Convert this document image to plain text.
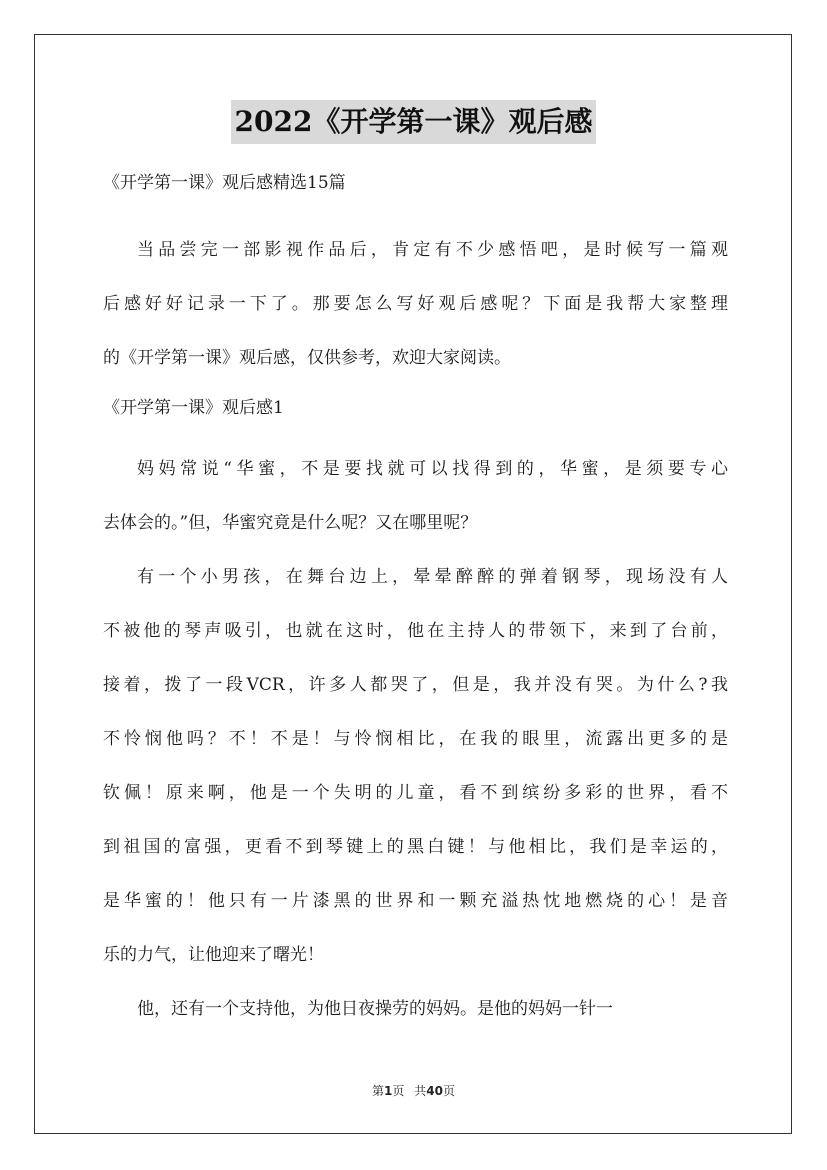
2022《开学第一课》观后感
《开学第一课》观后感精选15篇
当品尝完一部影视作品后，肯定有不少感悟吧，是时候写一篇观
后感好好记录一下了。那要怎么写好观后感呢？下面是我帮大家整理
的《开学第一课》观后感，仅供参考，欢迎大家阅读。
《开学第一课》观后感1
妈妈常说“华蜜，不是要找就可以找得到的，华蜜，是须要专心
去体会的。”但，华蜜究竟是什么呢？又在哪里呢？
有一个小男孩，在舞台边上，晕晕醉醉的弹着钢琴，现场没有人
不被他的琴声吸引，也就在这时，他在主持人的带领下，来到了台前，
接着，拨了一段VCR，许多人都哭了，但是，我并没有哭。为什么?我
不怜悯他吗？不！不是！与怜悯相比，在我的眼里，流露出更多的是
钦佩！原来啊，他是一个失明的儿童，看不到缤纷多彩的世界，看不
到祖国的富强，更看不到琴键上的黑白键！与他相比，我们是幸运的，
是华蜜的！他只有一片漆黑的世界和一颗充溢热忱地燃烧的心！是音
乐的力气，让他迎来了曙光！
他，还有一个支持他，为他日夜操劳的妈妈。是他的妈妈一针一
第1页 共40页
